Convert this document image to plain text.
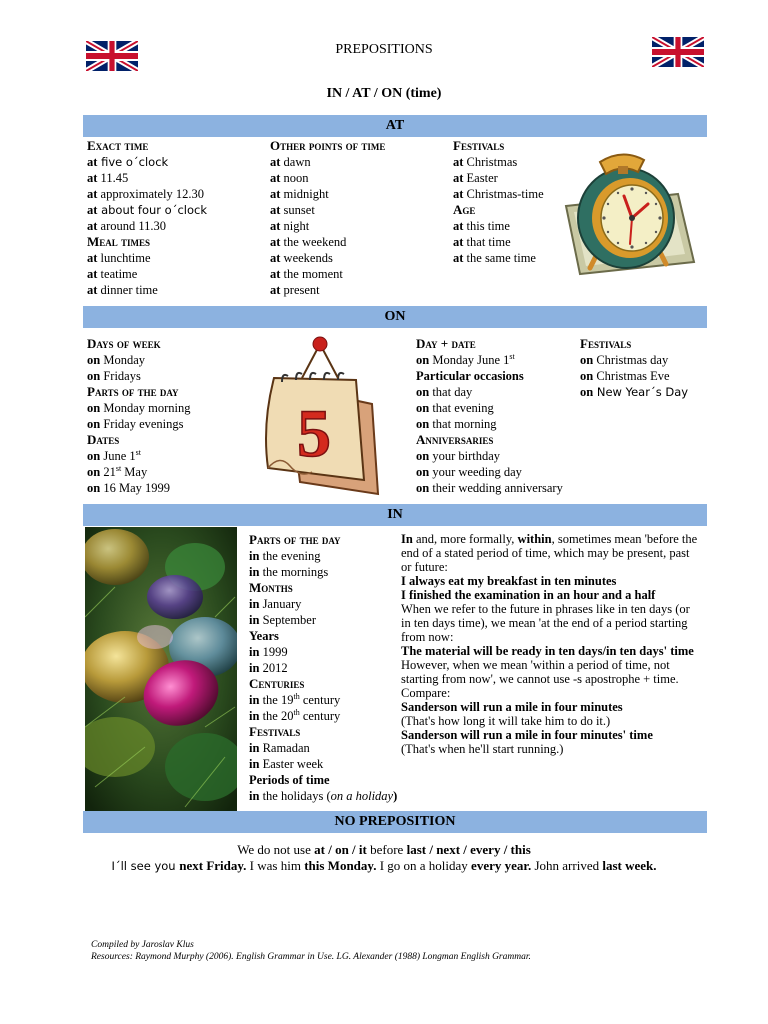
PREPOSITIONS
IN / AT / ON (time)
AT
Exact time
at five o´clock
at 11.45
at approximately 12.30
at about four o´clock
at around 11.30
Meal times
at lunchtime
at teatime
at dinner time
Other points of time
at dawn
at noon
at midnight
at sunset
at night
at the weekend
at weekends
at the moment
at present
Festivals
at Christmas
at Easter
at Christmas-time
Age
at this time
at that time
at the same time
ON
Days of week
on Monday
on Fridays
Parts of the day
on Monday morning
on Friday evenings
Dates
on June 1st
on 21st May
on 16 May 1999
Day + date
on Monday June 1st
Particular occasions
on that day
on that evening
on that morning
Anniversaries
on your birthday
on your weeding day
on their wedding anniversary
Festivals
on Christmas day
on Christmas Eve
on New Year´s Day
5
IN
Parts of the day
in the evening
in the mornings
Months
in January
in September
Years
in 1999
in 2012
Centuries
in the 19th century
in the 20th century
Festivals
in Ramadan
in Easter week
Periods of time
in the holidays (on a holiday)
In and, more formally, within, sometimes mean 'before the
end of a stated period of time, which may be present, past
or future:
I always eat my breakfast in ten minutes
I finished the examination in an hour and a half
When we refer to the future in phrases like in ten days (or
in ten days time), we mean 'at the end of a period starting
from now:
The material will be ready in ten days/in ten days' time
However, when we mean 'within a period of time, not
starting from now', we cannot use -s apostrophe + time.
Compare:
Sanderson will run a mile in four minutes
(That's how long it will take him to do it.)
Sanderson will run a mile in four minutes' time
(That's when he'll start running.)
NO PREPOSITION
We do not use at / on / it before last / next / every / this
I´ll see you next Friday. I was him this Monday. I go on a holiday every year. John arrived last week.
Compiled by Jaroslav Klus
Resources: Raymond Murphy (2006). English Grammar in Use. LG. Alexander (1988) Longman English Grammar.
